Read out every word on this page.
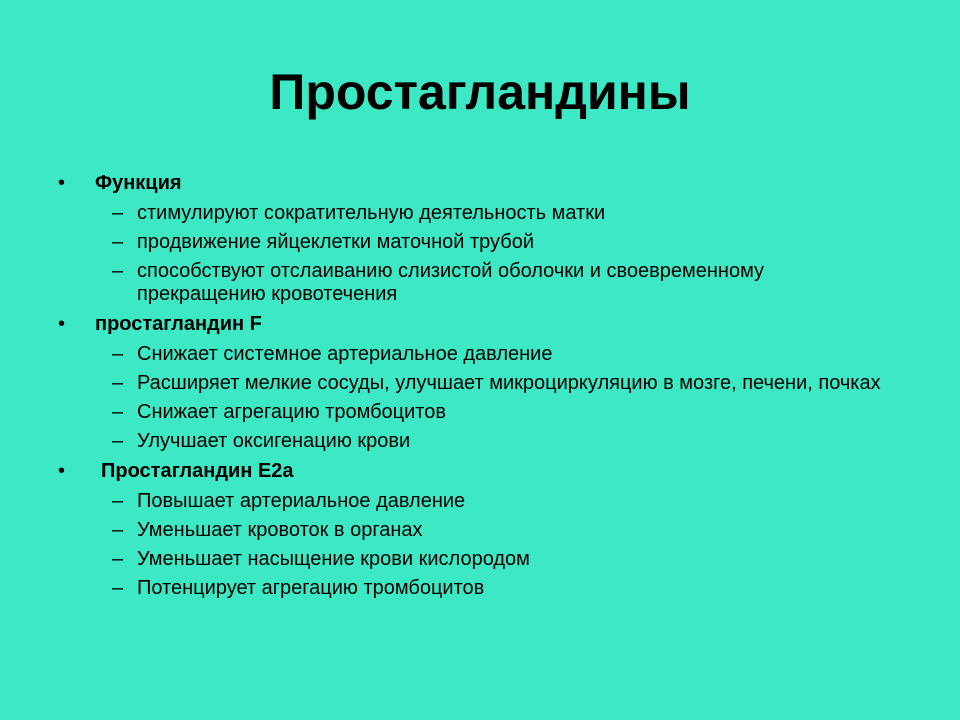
Простагландины
• Функция
– стимулируют сократительную деятельность матки
– продвижение яйцеклетки маточной трубой
– способствуют отслаиванию слизистой оболочки и своевременному прекращению кровотечения
• простагландин F
– Снижает системное артериальное давление
– Расширяет мелкие сосуды, улучшает микроциркуляцию в мозге, печени, почках
– Снижает агрегацию тромбоцитов
– Улучшает оксигенацию крови
• Простагландин E2a
– Повышает артериальное давление
– Уменьшает кровоток в органах
– Уменьшает насыщение крови кислородом
– Потенцирует агрегацию тромбоцитов
